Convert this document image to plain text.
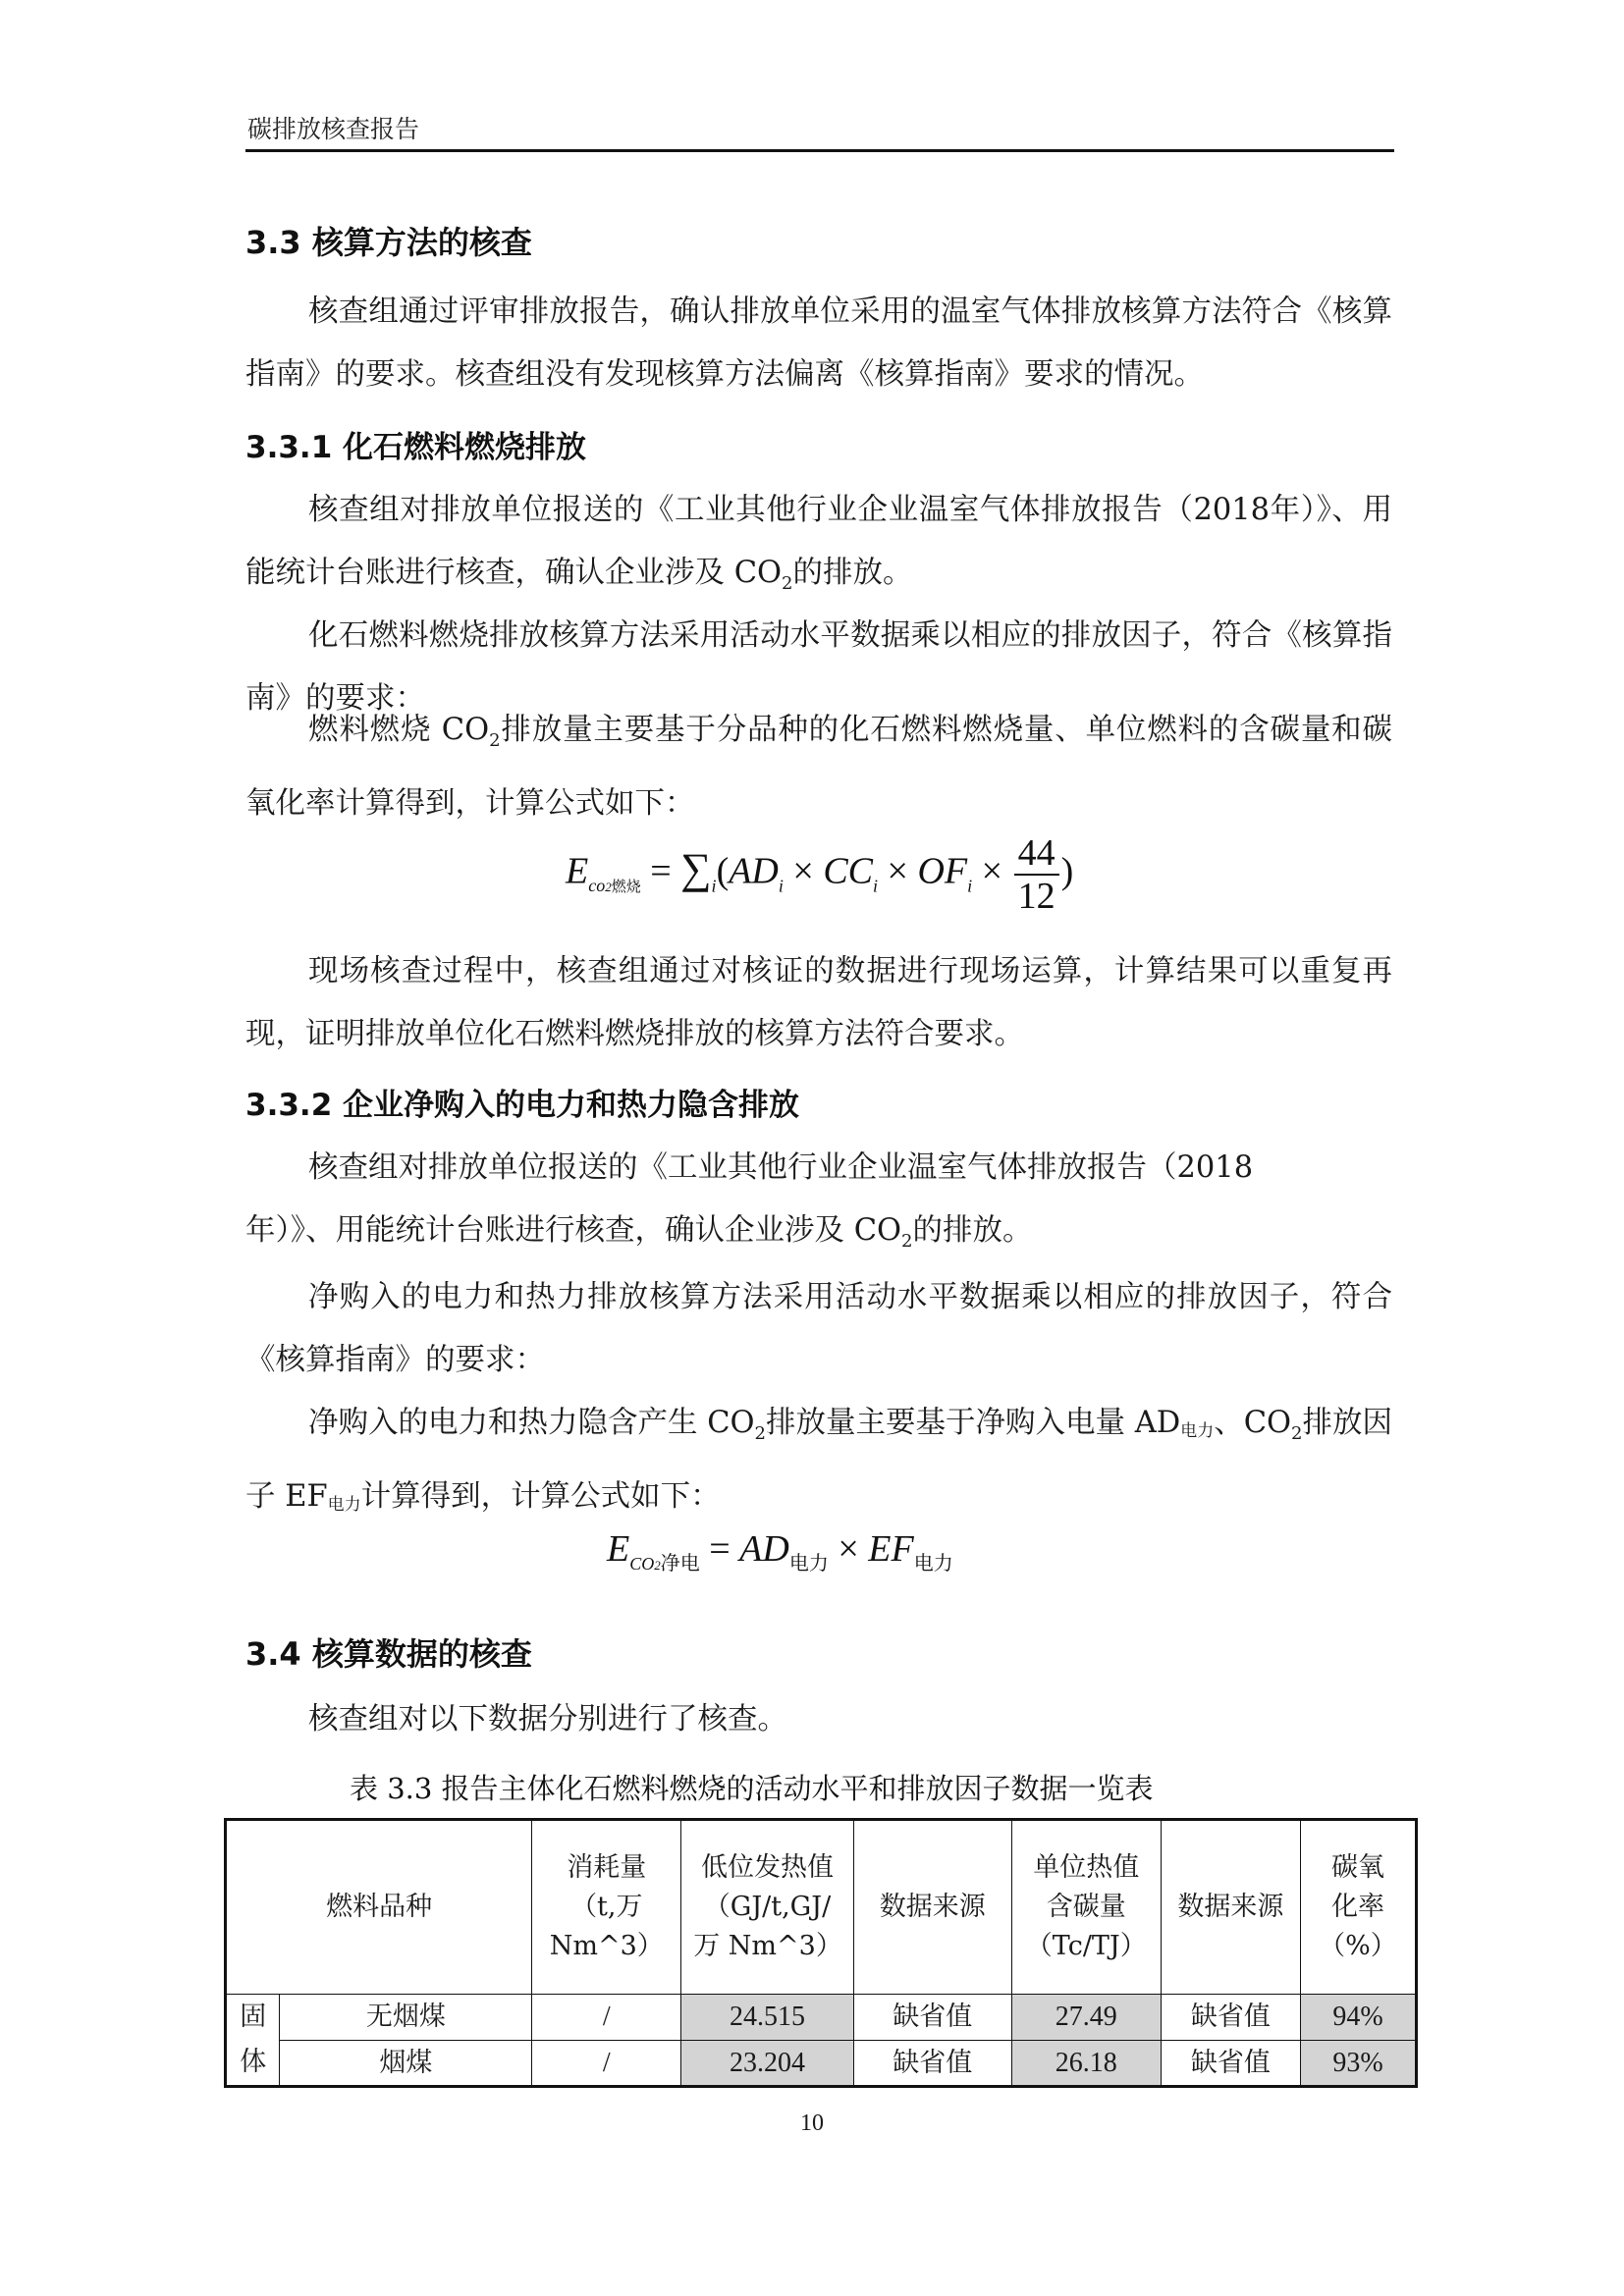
碳排放核查报告
3.3 核算方法的核查
核查组通过评审排放报告，确认排放单位采用的温室气体排放核算方法符合《核算指南》的要求。核查组没有发现核算方法偏离《核算指南》要求的情况。
3.3.1 化石燃料燃烧排放
核查组对排放单位报送的《工业其他行业企业温室气体排放报告（2018年）》、用能统计台账进行核查，确认企业涉及 $CO_2$的排放。
化石燃料燃烧排放核算方法采用活动水平数据乘以相应的排放因子，符合《核算指南》的要求：
燃料燃烧 $CO_2$排放量主要基于分品种的化石燃料燃烧量、单位燃料的含碳量和碳氧化率计算得到，计算公式如下：
$E_{co2燃烧} = \sum_i(AD_i \times CC_i \times OF_i \times \frac{44}{12}$ )
现场核查过程中，核查组通过对核证的数据进行现场运算，计算结果可以重复再现，证明排放单位化石燃料燃烧排放的核算方法符合要求。
3.3.2 企业净购入的电力和热力隐含排放
核查组对排放单位报送的《工业其他行业企业温室气体排放报告（2018
年）》、用能统计台账进行核查，确认企业涉及 $CO_2$的排放。
净购入的电力和热力排放核算方法采用活动水平数据乘以相应的排放因子，符合《核算指南》的要求：
净购入的电力和热力隐含产生 $CO_2$排放量主要基于净购入电量 AD电力、$CO_2$排放因子 EF电力计算得到，计算公式如下：
$E_{CO2净电} = AD_{电力} \times EF_{电力}$
3.4 核算数据的核查
核查组对以下数据分别进行了核查。
表 3.3 报告主体化石燃料燃烧的活动水平和排放因子数据一览表
燃料品种		消耗量（t,万Nm^3）	低位发热值（GJ/t,GJ/万 Nm^3）	数据来源	单位热值含碳量（Tc/TJ）	数据来源	碳氧化率（%）
固
体	无烟煤	/	24.515	缺省值	27.49	缺省值	94%
	烟煤	/	23.204	缺省值	26.18	缺省值	93%
10
